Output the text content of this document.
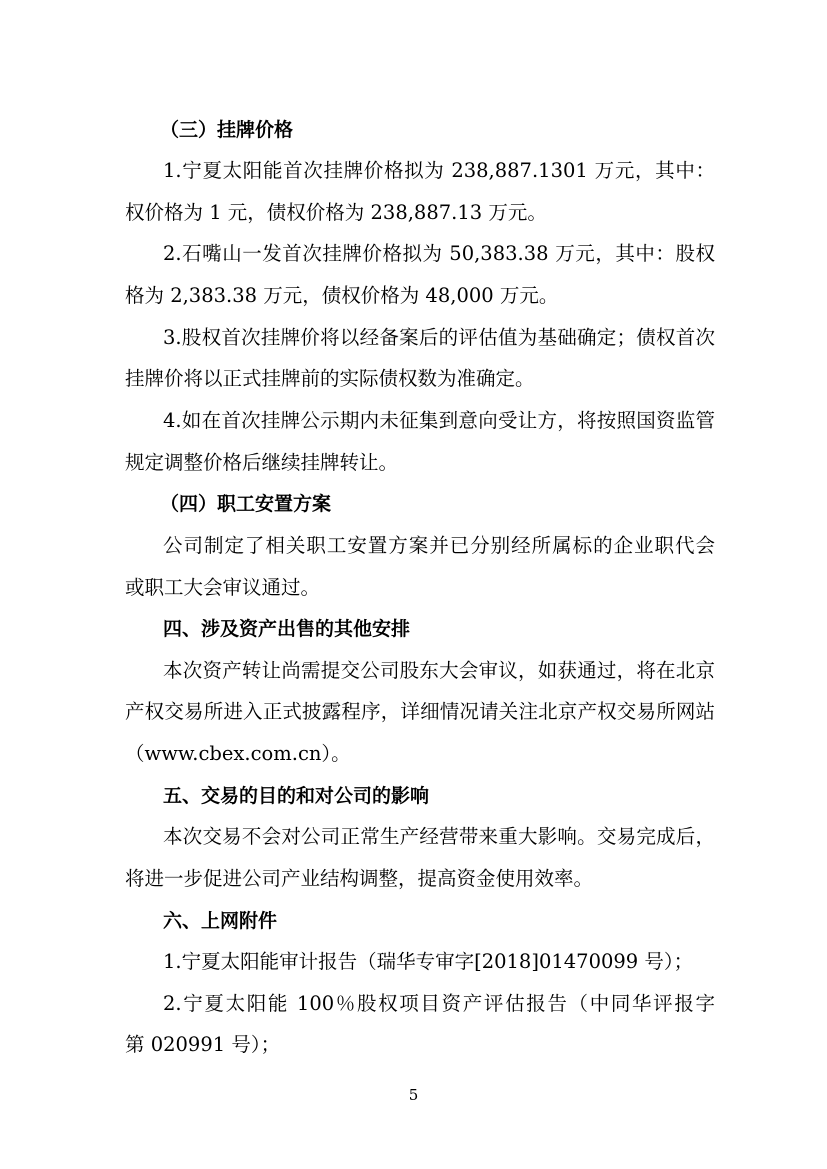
（三）挂牌价格
1.宁夏太阳能首次挂牌价格拟为 238,887.1301 万元，其中：
权价格为 1 元，债权价格为 238,887.13 万元。
2.石嘴山一发首次挂牌价格拟为 50,383.38 万元，其中：股权
格为 2,383.38 万元，债权价格为 48,000 万元。
3.股权首次挂牌价将以经备案后的评估值为基础确定；债权首次
挂牌价将以正式挂牌前的实际债权数为准确定。
4.如在首次挂牌公示期内未征集到意向受让方，将按照国资监管
规定调整价格后继续挂牌转让。
（四）职工安置方案
公司制定了相关职工安置方案并已分别经所属标的企业职代会
或职工大会审议通过。
四、涉及资产出售的其他安排
本次资产转让尚需提交公司股东大会审议，如获通过，将在北京
产权交易所进入正式披露程序，详细情况请关注北京产权交易所网站
（www.cbex.com.cn）。
五、交易的目的和对公司的影响
本次交易不会对公司正常生产经营带来重大影响。交易完成后，
将进一步促进公司产业结构调整，提高资金使用效率。
六、上网附件
1.宁夏太阳能审计报告（瑞华专审字[2018]01470099 号）；
2.宁夏太阳能 100％股权项目资产评估报告（中同华评报字
第 020991 号）；
5
